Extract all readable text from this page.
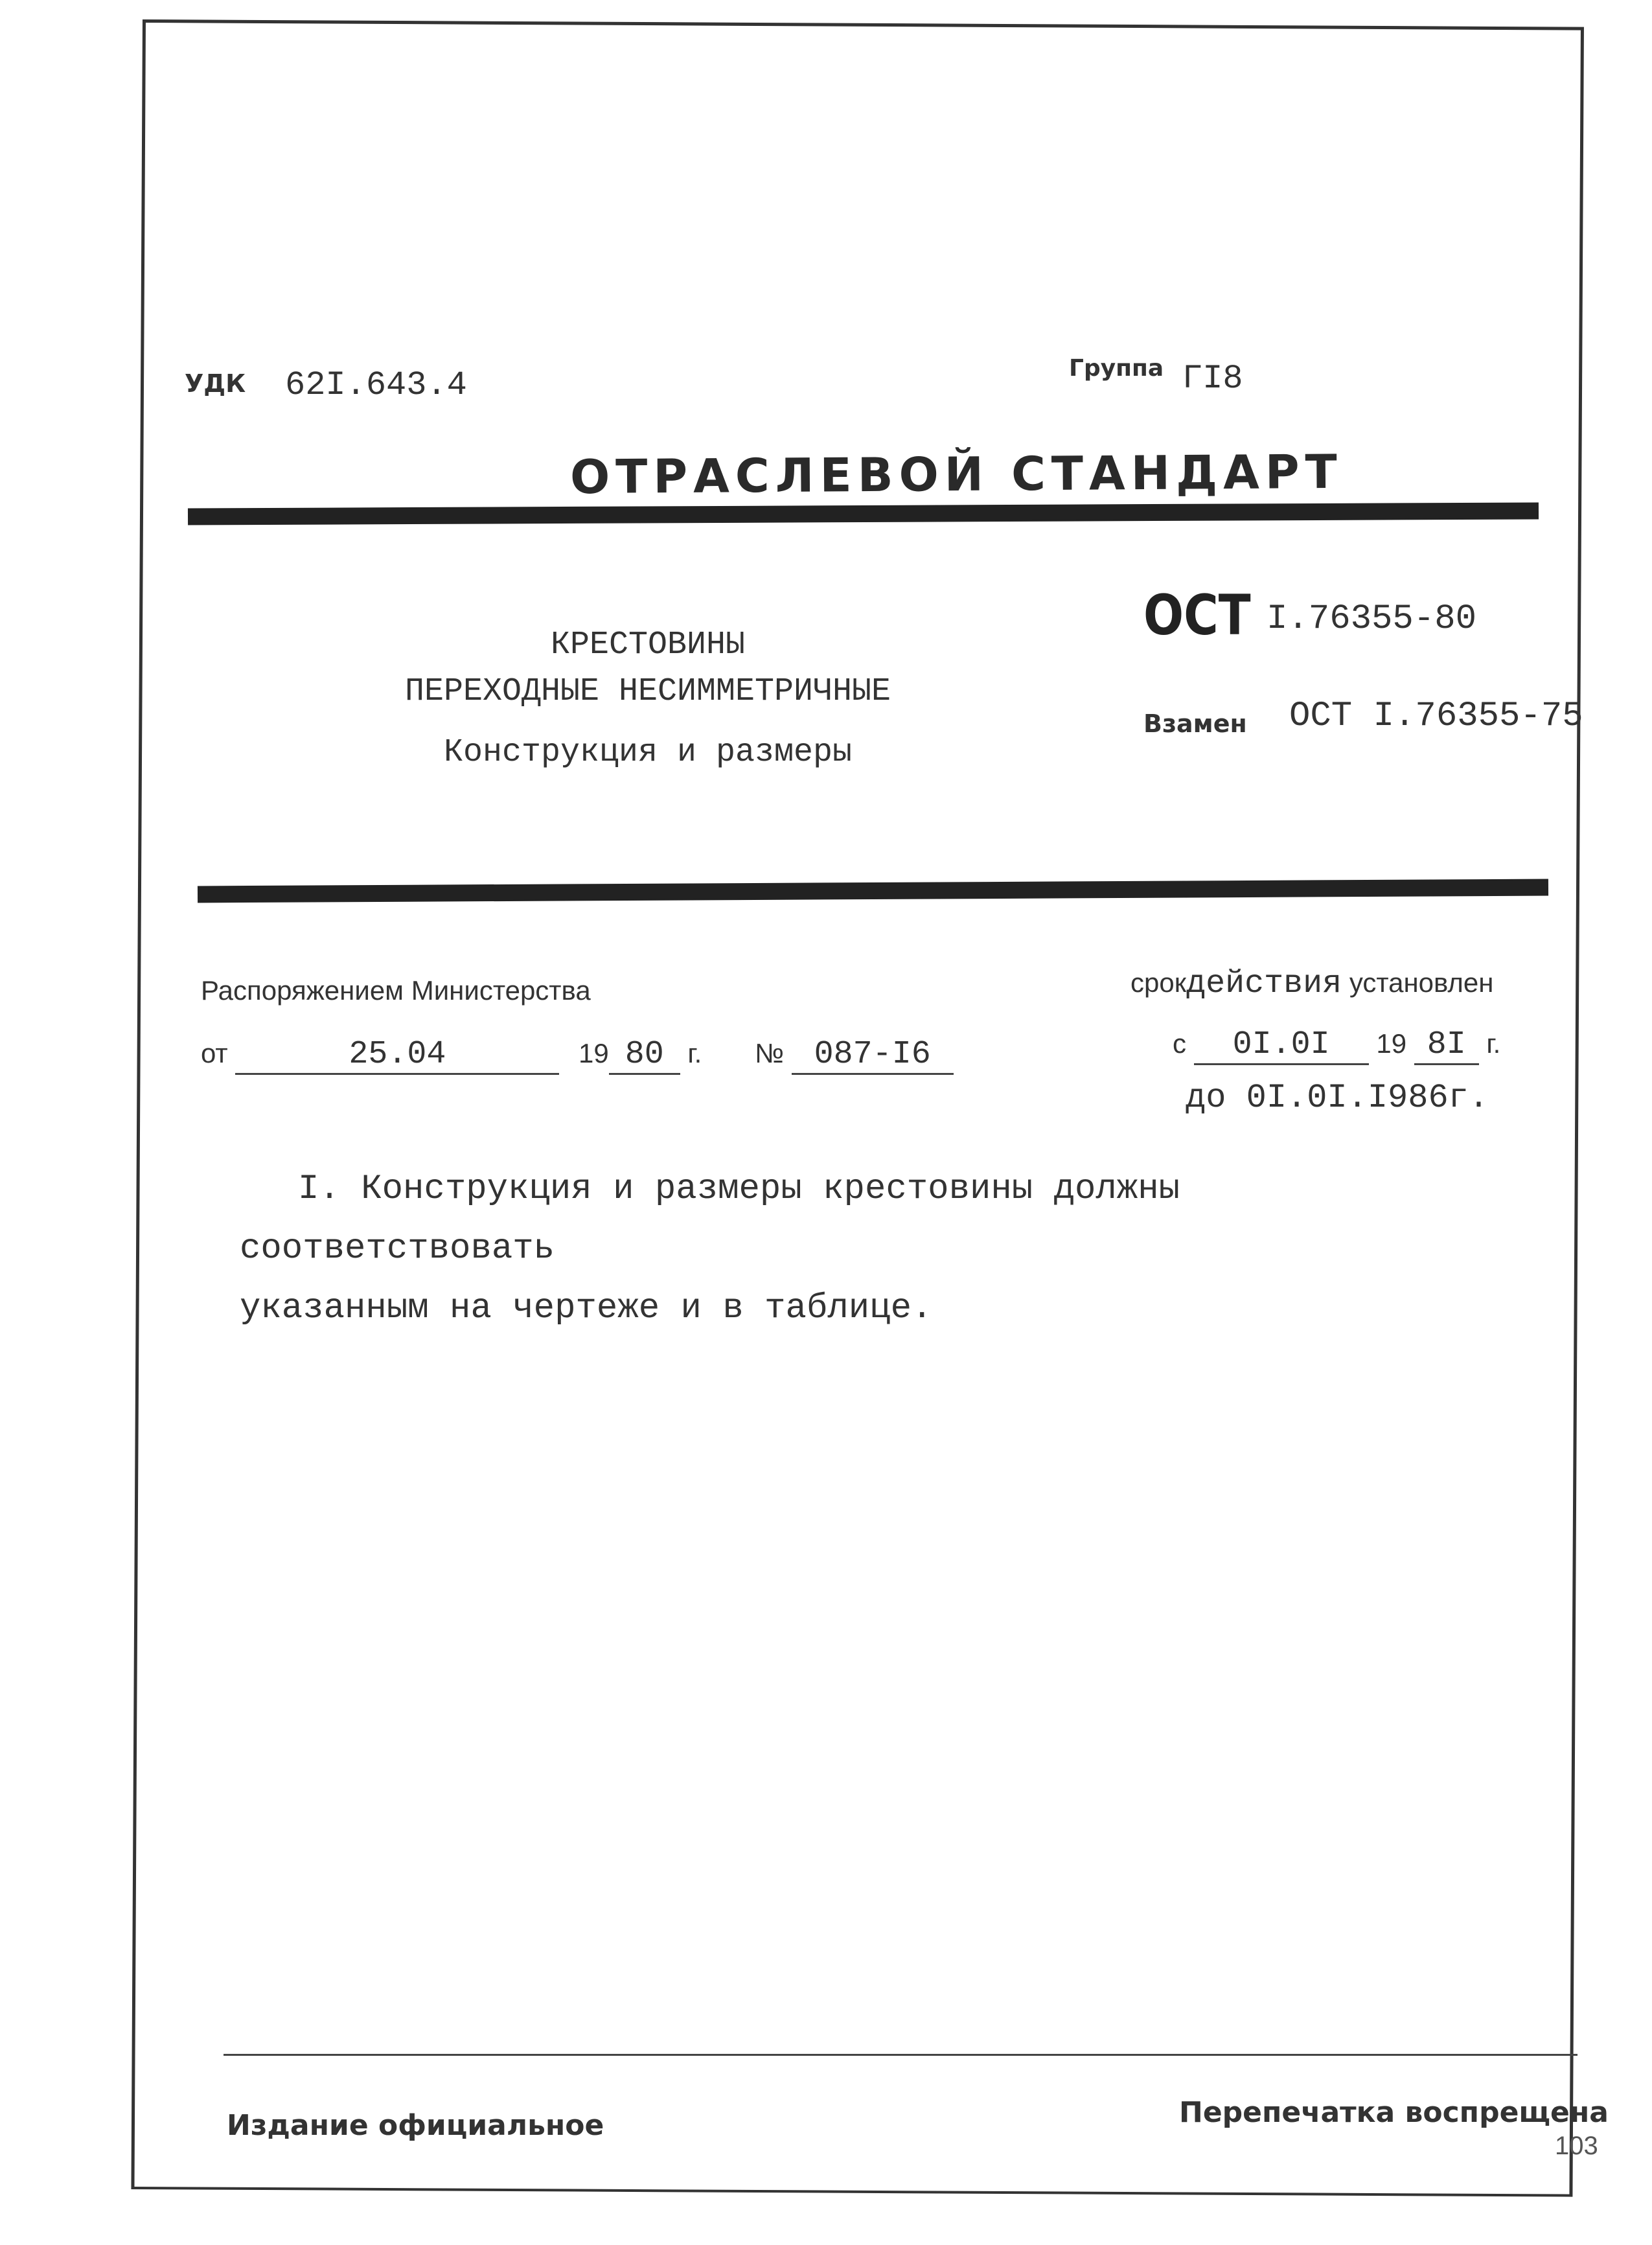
УДК 62I.643.4	Группа ГI8
ОТРАСЛЕВОЙ СТАНДАРТ
КРЕСТОВИНЫ
ПЕРЕХОДНЫЕ НЕСИММЕТРИЧНЫЕ
Конструкция и размеры
ОСТ I.76355-80
Взамен ОСТ I.76355-75
Распоряжением Министерства	срокдействия установлен
от	25.04	19 80 г. № 087-I6	с 0I.0I 19 8I г.
до 0I.0I.I986г.
I. Конструкция и размеры крестовины должны соответствовать
указанным на чертеже и в таблице.
Издание официальное	Перепечатка воспрещена
103
